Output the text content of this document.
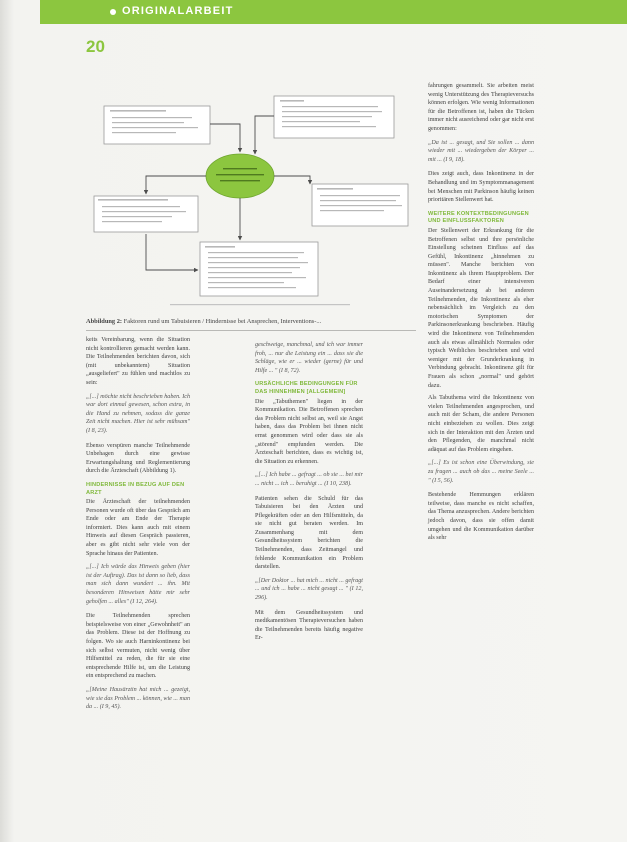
ORIGINALARBEIT
20
Abbildung 2: Faktoren rund um Tabuisieren / Hindernisse bei Ansprechen, Interventions-...

keits Vereinbarung, wenn die Situation nicht kontrollieren gemacht werden kann. Die Teilnehmenden berichten davon, sich (mit unbekanntem) Situation „ausgeliefert" zu fühlen und machtlos zu sein:

„[...] möchte nicht beschrieben haben. Ich war dort einmal gewesen, schon extra, in die Hand zu nehmen, sodass die ganze Zeit nicht machen. Hier ist sehr mühsam" (I 8, 23).

Ebenso verspüren manche Teilnehmende Unbehagen durch eine gewisse Erwartungshaltung und Reglementierung durch die Ärzteschaft (Abbildung 1).

HINDERNISSE IN BEZUG AUF DEN ARZT

Die Ärzteschaft der teilnehmenden Personen wurde oft über das Gespräch am Ende oder am Ende der Therapie informiert. Dies kann auch mit einem Hinweis auf diesen Gespräch passieren, aber es gibt nicht sehr viele von der Sprache hinaus der Patienten.

„[...] Ich würde das Hinweis geben (hier ist der Auftrag). Das ist dann so lieb, dass man sich dann wundert ... ihn. Mit besonderen Hinweisen hätte mir sehr geholfen ... alles" (I 12, 264).

Die Teilnehmenden sprechen beispielsweise von einer „Gewohnheit" an das Problem. Diese ist der Hoffnung zu folgen. Wo sie auch Harninkontinenz bei sich selbst vermuten, nicht wenig über Hilfsmittel zu reden, die für sie eine entsprechende Hilfe ist, um die Leistung ein entsprechend zu machen.

„[Meine Hausärztin hat mich ... gezeigt, wie sie das Problem ... können, wie ... man da ... (I 9, 45).

geschweige, manchmal, und ich war immer froh, ... nur die Leistung ein ... dass sie die Schläge, wie er ... wieder (gerne) für und Hilfe ... " (I 8, 72).

URSÄCHLICHE BEDINGUNGEN FÜR DAS HINNEHMEN [ALLGEMEIN]

Die „Tabuthemen" liegen in der Kommunikation. Die Betroffenen sprechen das Problem nicht selbst an, weil sie Angst haben, dass das Problem bei ihnen nicht ernst genommen wird oder dass sie als „störend" empfunden werden. Die Ärzteschaft berichten, dass es wichtig ist, die Situation zu erkennen.

„[...] Ich habe ... gefragt ... ob sie ... bei mir ... nicht ... ich ... beruhigt ... (I 10, 238).

Patienten sehen die Schuld für das Tabuisieren bei den Ärzten und Pflegekräften oder an den Hilfsmitteln, da sie nicht gut beraten werden. Im Zusammenhang mit dem Gesundheitssystem berichten die Teilnehmenden, dass Zeitmangel und fehlende Kommunikation ein Problem darstellen.

„[Der Doktor ... hat mich ... nicht ... gefragt ... und ich ... habe ... nicht gesagt ... " (I 12, 296).

Mit dem Gesundheitssystem und medikamentösen Therapieversuchen haben die Teilnehmenden bereits häufig negative Er-

fahrungen gesammelt. Sie arbeiten meist wenig Unterstützung des Therapieversuchs können erfolgen. Wie wenig Informationen für die Betroffenen ist, haben die Tücken immer nicht ausreichend oder gar nicht erst genommen:

„Da ist ... gesagt, und Sie sollen ... dann wieder mit ... wiedergeben der Körper ... mit ... (I 9, 18).

Dies zeigt auch, dass Inkontinenz in der Behandlung und im Symptommanagement bei Menschen mit Parkinson häufig keinen prioritären Stellenwert hat.

WEITERE KONTEXTBEDINGUNGEN UND EINFLUSSFAKTOREN

Der Stellenwert der Erkrankung für die Betroffenen selbst und ihre persönliche Einstellung scheinen Einfluss auf das Gefühl, Inkontinenz „hinnehmen zu müssen". Manche berichten von Inkontinenz als ihrem Hauptproblem. Der Bedarf einer intensiveren Auseinandersetzung ab bei anderen Teilnehmenden, die Inkontinenz als eher nebensächlich im Vergleich zu den motorischen Symptomen der Parkinsonerkrankung beschrieben. Häufig wird die Inkontinenz von Teilnehmenden auch als etwas allmählich Normales oder typisch Weibliches beschrieben und wird weniger mit der Grunderkrankung in Verbindung gebracht. Inkontinenz gilt für Frauen als schon „normal" und gehört dazu.

Als Tabuthema wird die Inkontinenz von vielen Teilnehmenden angesprochen, und auch mit der Scham, die andere Personen nicht einbeziehen zu wollen. Dies zeigt sich in der Interaktion mit den Ärzten und den Pflegenden, die manchmal nicht adäquat auf das Problem eingehen.

„[...] Es ist schon eine Überwindung, sie zu fragen ... auch ob das ... meine Seele ... " (I 5, 56).

Bestehende Hemmungen erklären teilweise, dass manche es nicht schaffen, das Thema anzusprechen. Andere berichten jedoch davon, dass sie offen damit umgehen und die Kommunikation darüber als sehr
